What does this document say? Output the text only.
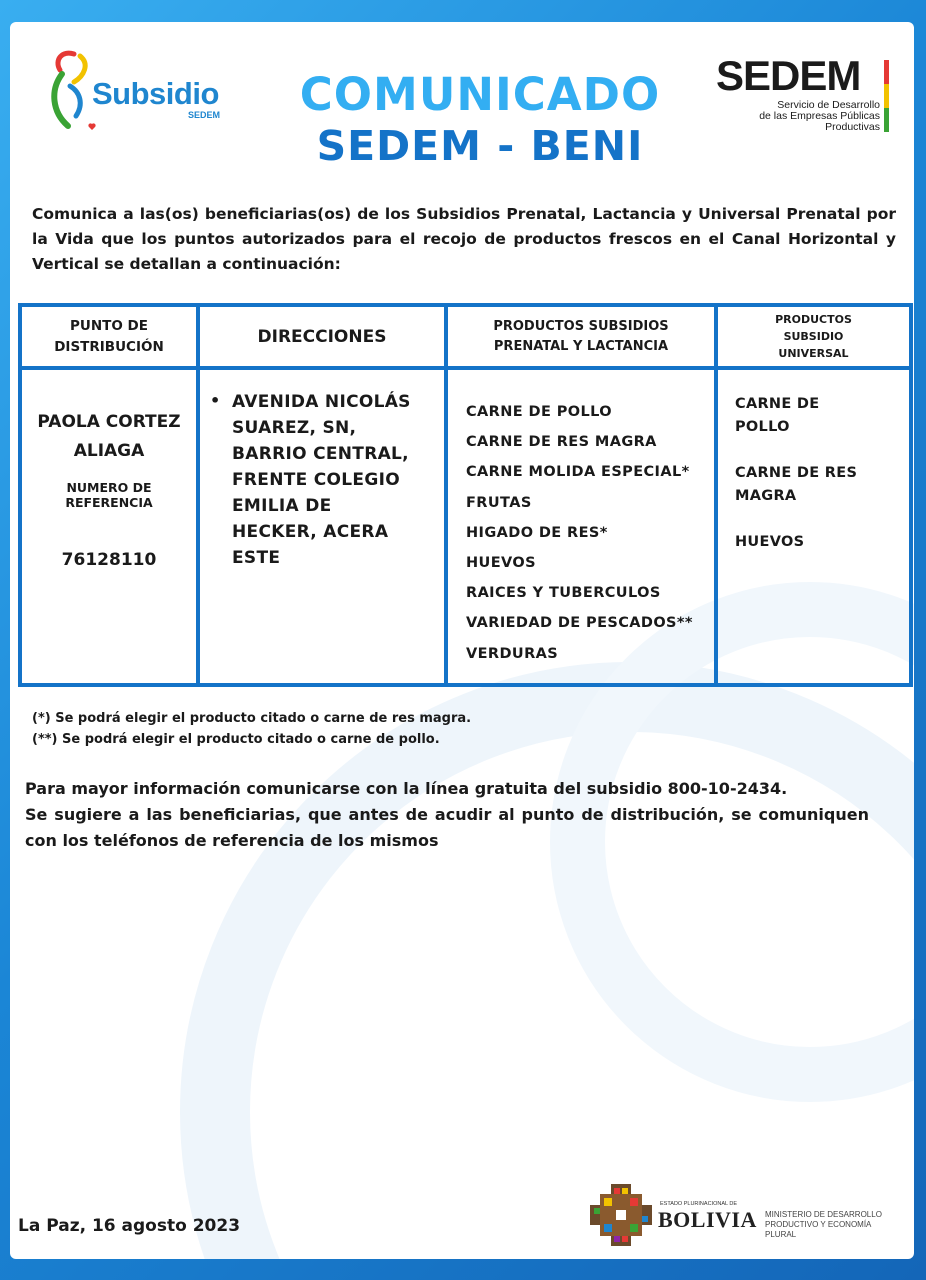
Subsidio
SEDEM	COMUNICADO
SEDEM - BENI
SEDEM
Servicio de Desarrollo
de las Empresas Públicas
Productivas

Comunica a las(os) beneficiarias(os) de los Subsidios Prenatal, Lactancia y Universal Prenatal por la Vida que los puntos autorizados para el recojo de productos frescos en el Canal Horizontal y Vertical se detallan a continuación:

PUNTO DE
DISTRIBUCIÓN	DIRECCIONES
PRODUCTOS SUBSIDIOS
PRENATAL Y LACTANCIA
PRODUCTOS
SUBSIDIO
UNIVERSAL
PAOLA CORTEZ
ALIAGA
NUMERO DE
REFERENCIA
76128110
• AVENIDA NICOLÁS
SUAREZ, SN,
BARRIO CENTRAL,
FRENTE COLEGIO
EMILIA DE
HECKER, ACERA
ESTE
CARNE DE POLLO
CARNE DE RES MAGRA
CARNE MOLIDA ESPECIAL*
FRUTAS
HIGADO DE RES*
HUEVOS
RAICES Y TUBERCULOS
VARIEDAD DE PESCADOS**
VERDURAS
CARNE DE
POLLO
CARNE DE RES
MAGRA
HUEVOS
(*) Se podrá elegir el producto citado o carne de res magra.
(**) Se podrá elegir el producto citado o carne de pollo.

Para mayor información comunicarse con la línea gratuita del subsidio 800-10-2434.

Se sugiere a las beneficiarias, que antes de acudir al punto de distribución, se comuniquen con los teléfonos de referencia de los mismos

La Paz, 16 agosto 2023
ESTADO PLURINACIONAL DE
BOLIVIA MINISTERIO DE DESARROLLO
PRODUCTIVO Y ECONOMÍA PLURAL
